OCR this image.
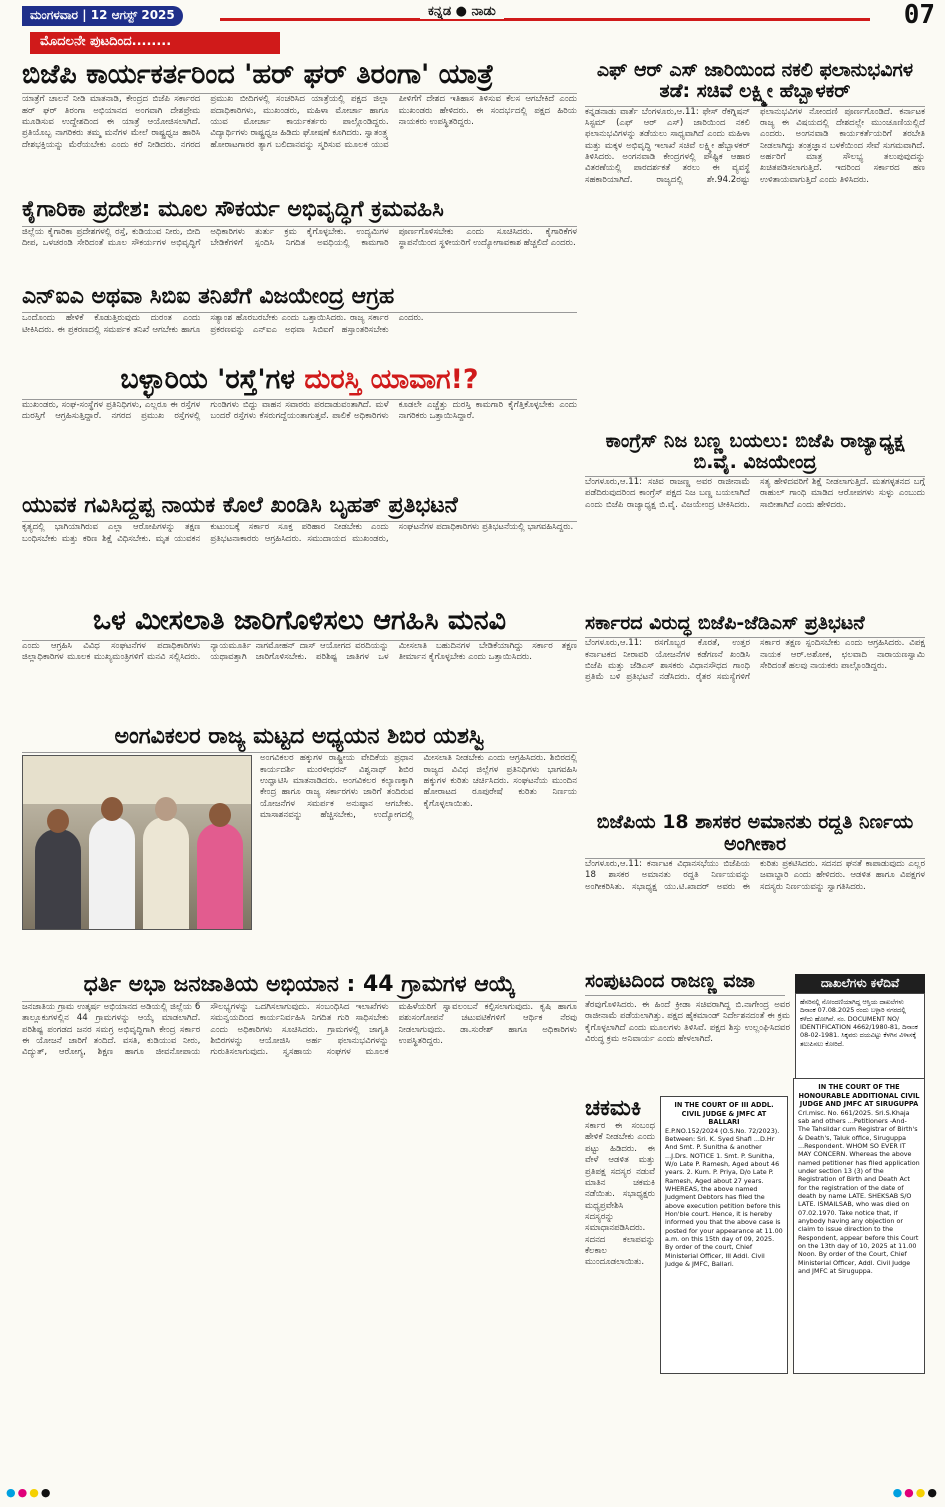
ಮಂಗಳವಾರ | 12 ಆಗಸ್ಟ್ 2025	ಕನ್ನಡ ● ನಾಡು	07
ಮೊದಲನೇ ಪುಟದಿಂದ........
ಬಿಜೆಪಿ ಕಾರ್ಯಕರ್ತರಿಂದ 'ಹರ್ ಘರ್ ತಿರಂಗಾ' ಯಾತ್ರೆ
ಯಾತ್ರೆಗೆ ಚಾಲನೆ ನೀಡಿ ಮಾತನಾಡಿ, ಕೇಂದ್ರದ ಬಿಜೆಪಿ ಸರ್ಕಾರದ ಹರ್ ಘರ್ ತಿರಂಗಾ ಅಭಿಯಾನದ ಅಂಗವಾಗಿ ದೇಶಪ್ರೇಮ ಮೂಡಿಸುವ ಉದ್ದೇಶದಿಂದ ಈ ಯಾತ್ರೆ ಆಯೋಜಿಸಲಾಗಿದೆ. ಪ್ರತಿಯೊಬ್ಬ ನಾಗರಿಕರು ತಮ್ಮ ಮನೆಗಳ ಮೇಲೆ ರಾಷ್ಟ್ರಧ್ವಜ ಹಾರಿಸಿ ದೇಶಭಕ್ತಿಯನ್ನು ಮೆರೆಯಬೇಕು ಎಂದು ಕರೆ ನೀಡಿದರು. ನಗರದ ಪ್ರಮುಖ ಬೀದಿಗಳಲ್ಲಿ ಸಂಚರಿಸಿದ ಯಾತ್ರೆಯಲ್ಲಿ ಪಕ್ಷದ ಜಿಲ್ಲಾ ಪದಾಧಿಕಾರಿಗಳು, ಮುಖಂಡರು, ಮಹಿಳಾ ಮೋರ್ಚಾ ಹಾಗೂ ಯುವ ಮೋರ್ಚಾ ಕಾರ್ಯಕರ್ತರು ಪಾಲ್ಗೊಂಡಿದ್ದರು. ವಿದ್ಯಾರ್ಥಿಗಳು ರಾಷ್ಟ್ರಧ್ವಜ ಹಿಡಿದು ಘೋಷಣೆ ಕೂಗಿದರು. ಸ್ವಾತಂತ್ರ್ಯ ಹೋರಾಟಗಾರರ ತ್ಯಾಗ ಬಲಿದಾನವನ್ನು ಸ್ಮರಿಸುವ ಮೂಲಕ ಯುವ ಪೀಳಿಗೆಗೆ ದೇಶದ ಇತಿಹಾಸ ತಿಳಿಸುವ ಕೆಲಸ ಆಗಬೇಕಿದೆ ಎಂದು ಮುಖಂಡರು ಹೇಳಿದರು. ಈ ಸಂದರ್ಭದಲ್ಲಿ ಪಕ್ಷದ ಹಿರಿಯ ನಾಯಕರು ಉಪಸ್ಥಿತರಿದ್ದರು.
ಕೈಗಾರಿಕಾ ಪ್ರದೇಶ: ಮೂಲ ಸೌಕರ್ಯ ಅಭಿವೃದ್ಧಿಗೆ ಕ್ರಮವಹಿಸಿ
ಜಿಲ್ಲೆಯ ಕೈಗಾರಿಕಾ ಪ್ರದೇಶಗಳಲ್ಲಿ ರಸ್ತೆ, ಕುಡಿಯುವ ನೀರು, ಬೀದಿ ದೀಪ, ಒಳಚರಂಡಿ ಸೇರಿದಂತೆ ಮೂಲ ಸೌಕರ್ಯಗಳ ಅಭಿವೃದ್ಧಿಗೆ ಅಧಿಕಾರಿಗಳು ತುರ್ತು ಕ್ರಮ ಕೈಗೊಳ್ಳಬೇಕು. ಉದ್ಯಮಿಗಳ ಬೇಡಿಕೆಗಳಿಗೆ ಸ್ಪಂದಿಸಿ ನಿಗದಿತ ಅವಧಿಯಲ್ಲಿ ಕಾಮಗಾರಿ ಪೂರ್ಣಗೊಳಿಸಬೇಕು ಎಂದು ಸೂಚಿಸಿದರು. ಕೈಗಾರಿಕೆಗಳ ಸ್ಥಾಪನೆಯಿಂದ ಸ್ಥಳೀಯರಿಗೆ ಉದ್ಯೋಗಾವಕಾಶ ಹೆಚ್ಚಲಿದೆ ಎಂದರು.
ಎನ್‌ಐಎ ಅಥವಾ ಸಿಬಿಐ ತನಿಖೆಗೆ ವಿಜಯೇಂದ್ರ ಆಗ್ರಹ
ಒಂದೊಂದು ಹೇಳಿಕೆ ಕೊಡುತ್ತಿರುವುದು ದುರಂತ ಎಂದು ಟೀಕಿಸಿದರು. ಈ ಪ್ರಕರಣದಲ್ಲಿ ಸಮರ್ಪಕ ತನಿಖೆ ಆಗಬೇಕು ಹಾಗೂ ಸತ್ಯಾಂಶ ಹೊರಬರಬೇಕು ಎಂದು ಒತ್ತಾಯಿಸಿದರು. ರಾಜ್ಯ ಸರ್ಕಾರ ಪ್ರಕರಣವನ್ನು ಎನ್‌ಐಎ ಅಥವಾ ಸಿಬಿಐಗೆ ಹಸ್ತಾಂತರಿಸಬೇಕು ಎಂದರು.
ಬಳ್ಳಾರಿಯ 'ರಸ್ತೆ'ಗಳ ದುರಸ್ತಿ ಯಾವಾಗ!?
ಮುಖಂಡರು, ಸಂಘ-ಸಂಸ್ಥೆಗಳ ಪ್ರತಿನಿಧಿಗಳು, ಎಲ್ಲರೂ ಈ ರಸ್ತೆಗಳ ದುರಸ್ತಿಗೆ ಆಗ್ರಹಿಸುತ್ತಿದ್ದಾರೆ. ನಗರದ ಪ್ರಮುಖ ರಸ್ತೆಗಳಲ್ಲಿ ಗುಂಡಿಗಳು ಬಿದ್ದು ವಾಹನ ಸವಾರರು ಪರದಾಡುವಂತಾಗಿದೆ. ಮಳೆ ಬಂದರೆ ರಸ್ತೆಗಳು ಕೆಸರುಗದ್ದೆಯಂತಾಗುತ್ತವೆ. ಪಾಲಿಕೆ ಅಧಿಕಾರಿಗಳು ಕೂಡಲೇ ಎಚ್ಚೆತ್ತು ದುರಸ್ತಿ ಕಾಮಗಾರಿ ಕೈಗೆತ್ತಿಕೊಳ್ಳಬೇಕು ಎಂದು ನಾಗರಿಕರು ಒತ್ತಾಯಿಸಿದ್ದಾರೆ.
ಯುವಕ ಗವಿಸಿದ್ದಪ್ಪ ನಾಯಕ ಕೊಲೆ ಖಂಡಿಸಿ ಬೃಹತ್ ಪ್ರತಿಭಟನೆ
ಕೃತ್ಯದಲ್ಲಿ ಭಾಗಿಯಾಗಿರುವ ಎಲ್ಲಾ ಆರೋಪಿಗಳನ್ನು ತಕ್ಷಣ ಬಂಧಿಸಬೇಕು ಮತ್ತು ಕಠಿಣ ಶಿಕ್ಷೆ ವಿಧಿಸಬೇಕು. ಮೃತ ಯುವಕನ ಕುಟುಂಬಕ್ಕೆ ಸರ್ಕಾರ ಸೂಕ್ತ ಪರಿಹಾರ ನೀಡಬೇಕು ಎಂದು ಪ್ರತಿಭಟನಾಕಾರರು ಆಗ್ರಹಿಸಿದರು. ಸಮುದಾಯದ ಮುಖಂಡರು, ಸಂಘಟನೆಗಳ ಪದಾಧಿಕಾರಿಗಳು ಪ್ರತಿಭಟನೆಯಲ್ಲಿ ಭಾಗವಹಿಸಿದ್ದರು.
ಒಳ ಮೀಸಲಾತಿ ಜಾರಿಗೊಳಿಸಲು ಆಗಹಿಸಿ ಮನವಿ
ಎಂದು ಆಗ್ರಹಿಸಿ ವಿವಿಧ ಸಂಘಟನೆಗಳ ಪದಾಧಿಕಾರಿಗಳು ಜಿಲ್ಲಾಧಿಕಾರಿಗಳ ಮೂಲಕ ಮುಖ್ಯಮಂತ್ರಿಗಳಿಗೆ ಮನವಿ ಸಲ್ಲಿಸಿದರು. ನ್ಯಾಯಮೂರ್ತಿ ನಾಗಮೋಹನ್ ದಾಸ್ ಆಯೋಗದ ವರದಿಯನ್ನು ಯಥಾವತ್ತಾಗಿ ಜಾರಿಗೊಳಿಸಬೇಕು. ಪರಿಶಿಷ್ಟ ಜಾತಿಗಳ ಒಳ ಮೀಸಲಾತಿ ಬಹುದಿನಗಳ ಬೇಡಿಕೆಯಾಗಿದ್ದು ಸರ್ಕಾರ ತಕ್ಷಣ ತೀರ್ಮಾನ ಕೈಗೊಳ್ಳಬೇಕು ಎಂದು ಒತ್ತಾಯಿಸಿದರು.
ಅಂಗವಿಕಲರ ರಾಜ್ಯ ಮಟ್ಟದ ಅಧ್ಯಯನ ಶಿಬಿರ ಯಶಸ್ವಿ
ಅಂಗವಿಕಲರ ಹಕ್ಕುಗಳ ರಾಷ್ಟ್ರೀಯ ವೇದಿಕೆಯ ಪ್ರಧಾನ ಕಾರ್ಯದರ್ಶಿ ಮುರಳೀಧರನ್ ವಿಶ್ವನಾಥ್ ಶಿಬಿರ ಉದ್ಘಾಟಿಸಿ ಮಾತನಾಡಿದರು. ಅಂಗವಿಕಲರ ಕಲ್ಯಾಣಕ್ಕಾಗಿ ಕೇಂದ್ರ ಹಾಗೂ ರಾಜ್ಯ ಸರ್ಕಾರಗಳು ಜಾರಿಗೆ ತಂದಿರುವ ಯೋಜನೆಗಳ ಸಮರ್ಪಕ ಅನುಷ್ಠಾನ ಆಗಬೇಕು. ಮಾಸಾಶನವನ್ನು ಹೆಚ್ಚಿಸಬೇಕು, ಉದ್ಯೋಗದಲ್ಲಿ ಮೀಸಲಾತಿ ನೀಡಬೇಕು ಎಂದು ಆಗ್ರಹಿಸಿದರು. ಶಿಬಿರದಲ್ಲಿ ರಾಜ್ಯದ ವಿವಿಧ ಜಿಲ್ಲೆಗಳ ಪ್ರತಿನಿಧಿಗಳು ಭಾಗವಹಿಸಿ ಹಕ್ಕುಗಳ ಕುರಿತು ಚರ್ಚಿಸಿದರು. ಸಂಘಟನೆಯ ಮುಂದಿನ ಹೋರಾಟದ ರೂಪುರೇಷೆ ಕುರಿತು ನಿರ್ಣಯ ಕೈಗೊಳ್ಳಲಾಯಿತು.
ಧರ್ತಿ ಅಭಾ ಜನಜಾತಿಯ ಅಭಿಯಾನ : 44 ಗ್ರಾಮಗಳ ಆಯ್ಕೆ
ಜನಜಾತಿಯ ಗ್ರಾಮ ಉತ್ಕರ್ಷ ಅಭಿಯಾನದ ಅಡಿಯಲ್ಲಿ ಜಿಲ್ಲೆಯ 6 ತಾಲ್ಲೂಕುಗಳಲ್ಲಿನ 44 ಗ್ರಾಮಗಳನ್ನು ಆಯ್ಕೆ ಮಾಡಲಾಗಿದೆ. ಪರಿಶಿಷ್ಟ ಪಂಗಡದ ಜನರ ಸಮಗ್ರ ಅಭಿವೃದ್ಧಿಗಾಗಿ ಕೇಂದ್ರ ಸರ್ಕಾರ ಈ ಯೋಜನೆ ಜಾರಿಗೆ ತಂದಿದೆ. ವಸತಿ, ಕುಡಿಯುವ ನೀರು, ವಿದ್ಯುತ್, ಆರೋಗ್ಯ, ಶಿಕ್ಷಣ ಹಾಗೂ ಜೀವನೋಪಾಯ ಸೌಲಭ್ಯಗಳನ್ನು ಒದಗಿಸಲಾಗುವುದು. ಸಂಬಂಧಿಸಿದ ಇಲಾಖೆಗಳು ಸಮನ್ವಯದಿಂದ ಕಾರ್ಯನಿರ್ವಹಿಸಿ ನಿಗದಿತ ಗುರಿ ಸಾಧಿಸಬೇಕು ಎಂದು ಅಧಿಕಾರಿಗಳು ಸೂಚಿಸಿದರು. ಗ್ರಾಮಗಳಲ್ಲಿ ಜಾಗೃತಿ ಶಿಬಿರಗಳನ್ನು ಆಯೋಜಿಸಿ ಅರ್ಹ ಫಲಾನುಭವಿಗಳನ್ನು ಗುರುತಿಸಲಾಗುವುದು. ಸ್ವಸಹಾಯ ಸಂಘಗಳ ಮೂಲಕ ಮಹಿಳೆಯರಿಗೆ ಸ್ವಾವಲಂಬನೆ ಕಲ್ಪಿಸಲಾಗುವುದು. ಕೃಷಿ ಹಾಗೂ ಪಶುಸಂಗೋಪನೆ ಚಟುವಟಿಕೆಗಳಿಗೆ ಆರ್ಥಿಕ ನೆರವು ನೀಡಲಾಗುವುದು. ಡಾ.ಸುರೇಶ್ ಹಾಗೂ ಅಧಿಕಾರಿಗಳು ಉಪಸ್ಥಿತರಿದ್ದರು.
ಎಫ್ ಆರ್ ಎಸ್ ಜಾರಿಯಿಂದ ನಕಲಿ ಫಲಾನುಭವಿಗಳ ತಡೆ: ಸಚಿವೆ ಲಕ್ಷ್ಮೀ ಹೆಬ್ಬಾಳಕರ್
ಕನ್ನಡನಾಡು ವಾರ್ತೆ ಬೆಂಗಳೂರು,ಆ.11: ಫೇಸ್ ರೆಕಗ್ನಿಷನ್ ಸಿಸ್ಟಮ್ (ಎಫ್ ಆರ್ ಎಸ್) ಜಾರಿಯಿಂದ ನಕಲಿ ಫಲಾನುಭವಿಗಳನ್ನು ತಡೆಯಲು ಸಾಧ್ಯವಾಗಿದೆ ಎಂದು ಮಹಿಳಾ ಮತ್ತು ಮಕ್ಕಳ ಅಭಿವೃದ್ಧಿ ಇಲಾಖೆ ಸಚಿವೆ ಲಕ್ಷ್ಮೀ ಹೆಬ್ಬಾಳಕರ್ ತಿಳಿಸಿದರು. ಅಂಗನವಾಡಿ ಕೇಂದ್ರಗಳಲ್ಲಿ ಪೌಷ್ಟಿಕ ಆಹಾರ ವಿತರಣೆಯಲ್ಲಿ ಪಾರದರ್ಶಕತೆ ತರಲು ಈ ವ್ಯವಸ್ಥೆ ಸಹಕಾರಿಯಾಗಿದೆ. ರಾಜ್ಯದಲ್ಲಿ ಶೇ.94.2ರಷ್ಟು ಫಲಾನುಭವಿಗಳ ನೋಂದಣಿ ಪೂರ್ಣಗೊಂಡಿದೆ. ಕರ್ನಾಟಕ ರಾಜ್ಯ ಈ ವಿಷಯದಲ್ಲಿ ದೇಶದಲ್ಲೇ ಮುಂಚೂಣಿಯಲ್ಲಿದೆ ಎಂದರು. ಅಂಗನವಾಡಿ ಕಾರ್ಯಕರ್ತೆಯರಿಗೆ ತರಬೇತಿ ನೀಡಲಾಗಿದ್ದು ತಂತ್ರಜ್ಞಾನ ಬಳಕೆಯಿಂದ ಸೇವೆ ಸುಗಮವಾಗಿದೆ. ಅರ್ಹರಿಗೆ ಮಾತ್ರ ಸೌಲಭ್ಯ ತಲುಪುವುದನ್ನು ಖಚಿತಪಡಿಸಲಾಗುತ್ತಿದೆ. ಇದರಿಂದ ಸರ್ಕಾರದ ಹಣ ಉಳಿತಾಯವಾಗುತ್ತಿದೆ ಎಂದು ತಿಳಿಸಿದರು.
ಕಾಂಗ್ರೆಸ್ ನಿಜ ಬಣ್ಣ ಬಯಲು: ಬಿಜೆಪಿ ರಾಜ್ಯಾಧ್ಯಕ್ಷ ಬಿ.ವೈ. ವಿಜಯೇಂದ್ರ
ಬೆಂಗಳೂರು,ಆ.11: ಸಚಿವ ರಾಜಣ್ಣ ಅವರ ರಾಜೀನಾಮೆ ಪಡೆದಿರುವುದರಿಂದ ಕಾಂಗ್ರೆಸ್ ಪಕ್ಷದ ನಿಜ ಬಣ್ಣ ಬಯಲಾಗಿದೆ ಎಂದು ಬಿಜೆಪಿ ರಾಜ್ಯಾಧ್ಯಕ್ಷ ಬಿ.ವೈ. ವಿಜಯೇಂದ್ರ ಟೀಕಿಸಿದರು. ಸತ್ಯ ಹೇಳಿದವರಿಗೆ ಶಿಕ್ಷೆ ನೀಡಲಾಗುತ್ತಿದೆ. ಮತಗಳ್ಳತನದ ಬಗ್ಗೆ ರಾಹುಲ್ ಗಾಂಧಿ ಮಾಡಿದ ಆರೋಪಗಳು ಸುಳ್ಳು ಎಂಬುದು ಸಾಬೀತಾಗಿದೆ ಎಂದು ಹೇಳಿದರು.
ಸರ್ಕಾರದ ವಿರುದ್ಧ ಬಿಜೆಪಿ-ಜೆಡಿಎಸ್ ಪ್ರತಿಭಟನೆ
ಬೆಂಗಳೂರು,ಆ.11: ರಸಗೊಬ್ಬರ ಕೊರತೆ, ಉತ್ತರ ಕರ್ನಾಟಕದ ನೀರಾವರಿ ಯೋಜನೆಗಳ ಕಡೆಗಣನೆ ಖಂಡಿಸಿ ಬಿಜೆಪಿ ಮತ್ತು ಜೆಡಿಎಸ್ ಶಾಸಕರು ವಿಧಾನಸೌಧದ ಗಾಂಧಿ ಪ್ರತಿಮೆ ಬಳಿ ಪ್ರತಿಭಟನೆ ನಡೆಸಿದರು. ರೈತರ ಸಮಸ್ಯೆಗಳಿಗೆ ಸರ್ಕಾರ ತಕ್ಷಣ ಸ್ಪಂದಿಸಬೇಕು ಎಂದು ಆಗ್ರಹಿಸಿದರು. ವಿಪಕ್ಷ ನಾಯಕ ಆರ್.ಅಶೋಕ, ಛಲವಾದಿ ನಾರಾಯಣಸ್ವಾಮಿ ಸೇರಿದಂತೆ ಹಲವು ನಾಯಕರು ಪಾಲ್ಗೊಂಡಿದ್ದರು.
ಬಿಜೆಪಿಯ 18 ಶಾಸಕರ ಅಮಾನತು ರದ್ದತಿ ನಿರ್ಣಯ ಅಂಗೀಕಾರ
ಬೆಂಗಳೂರು,ಆ.11: ಕರ್ನಾಟಕ ವಿಧಾನಸಭೆಯು ಬಿಜೆಪಿಯ 18 ಶಾಸಕರ ಅಮಾನತು ರದ್ದತಿ ನಿರ್ಣಯವನ್ನು ಅಂಗೀಕರಿಸಿತು. ಸಭಾಧ್ಯಕ್ಷ ಯು.ಟಿ.ಖಾದರ್ ಅವರು ಈ ಕುರಿತು ಪ್ರಕಟಿಸಿದರು. ಸದನದ ಘನತೆ ಕಾಪಾಡುವುದು ಎಲ್ಲರ ಜವಾಬ್ದಾರಿ ಎಂದು ಹೇಳಿದರು. ಆಡಳಿತ ಹಾಗೂ ವಿಪಕ್ಷಗಳ ಸದಸ್ಯರು ನಿರ್ಣಯವನ್ನು ಸ್ವಾಗತಿಸಿದರು.
ಸಂಪುಟದಿಂದ ರಾಜಣ್ಣ ವಜಾ
ತೆರವುಗೊಳಿಸಿದರು. ಈ ಹಿಂದೆ ಕ್ರೀಡಾ ಸಚಿವರಾಗಿದ್ದ ಬಿ.ನಾಗೇಂದ್ರ ಅವರ ರಾಜೀನಾಮೆ ಪಡೆಯಲಾಗಿತ್ತು. ಪಕ್ಷದ ಹೈಕಮಾಂಡ್ ನಿರ್ದೇಶನದಂತೆ ಈ ಕ್ರಮ ಕೈಗೊಳ್ಳಲಾಗಿದೆ ಎಂದು ಮೂಲಗಳು ತಿಳಿಸಿವೆ. ಪಕ್ಷದ ಶಿಸ್ತು ಉಲ್ಲಂಘಿಸಿದವರ ವಿರುದ್ಧ ಕ್ರಮ ಅನಿವಾರ್ಯ ಎಂದು ಹೇಳಲಾಗಿದೆ.
ದಾಖಲೆಗಳು ಕಳೆದಿವೆ
ಹೆಸರಿನಲ್ಲಿ ನೋಂದಣಿಯಾಗಿದ್ದ ಆಸ್ತಿಯ ದಾಖಲೆಗಳು ದಿನಾಂಕ 07.08.2025 ರಂದು ಬಳ್ಳಾರಿ ನಗರದಲ್ಲಿ ಕಳೆದು ಹೋಗಿವೆ. ನಂ. DOCUMENT NO/ IDENTIFICATION 4662/1980-81, ದಿನಾಂಕ 08-02-1981. ಸಿಕ್ಕವರು ದಯವಿಟ್ಟು ಕೆಳಗಿನ ವಿಳಾಸಕ್ಕೆ ತಲುಪಿಸಲು ಕೋರಿದೆ.
ಚಕಮಕಿ
ಸರ್ಕಾರ ಈ ಸಂಬಂಧ ಹೇಳಿಕೆ ನೀಡಬೇಕು ಎಂದು ಪಟ್ಟು ಹಿಡಿದರು. ಈ ವೇಳೆ ಆಡಳಿತ ಮತ್ತು ಪ್ರತಿಪಕ್ಷ ಸದಸ್ಯರ ನಡುವೆ ಮಾತಿನ ಚಕಮಕಿ ನಡೆಯಿತು. ಸಭಾಧ್ಯಕ್ಷರು ಮಧ್ಯಪ್ರವೇಶಿಸಿ ಸದಸ್ಯರನ್ನು ಸಮಾಧಾನಪಡಿಸಿದರು. ಸದನದ ಕಲಾಪವನ್ನು ಕೆಲಕಾಲ ಮುಂದೂಡಲಾಯಿತು.
IN THE COURT OF III ADDL. CIVIL JUDGE & JMFC AT BALLARI
E.P.NO.152/2024 (O.S.No. 72/2023). Between: Sri. K. Syed Shafi ...D.Hr And Smt. P. Sunitha & another ...J.Drs. NOTICE 1. Smt. P. Sunitha, W/o Late P. Ramesh, Aged about 46 years. 2. Kum. P. Priya, D/o Late P. Ramesh, Aged about 27 years. WHEREAS, the above named Judgment Debtors has filed the above execution petition before this Hon'ble court. Hence, it is hereby informed you that the above case is posted for your appearance at 11.00 a.m. on this 15th day of 09, 2025. By order of the court, Chief Ministerial Officer, III Addl. Civil Judge & JMFC, Ballari.
IN THE COURT OF THE HONOURABLE ADDITIONAL CIVIL JUDGE AND JMFC AT SIRUGUPPA
Crl.misc. No. 661/2025. Sri.S.Khaja sab and others ...Petitioners -And- The Tahsildar cum Registrar of Birth's & Death's, Taluk office, Siruguppa ...Respondent. WHOM SO EVER IT MAY CONCERN. Whereas the above named petitioner has filed application under section 13 (3) of the Registration of Birth and Death Act for the registration of the date of death by name LATE. SHEKSAB S/O LATE. ISMAILSAB, who was died on 07.02.1970. Take notice that, if anybody having any objection or claim to issue direction to the Respondent, appear before this Court on the 13th day of 10, 2025 at 11.00 Noon. By order of the Court, Chief Ministerial Officer, Addl. Civil Judge and JMFC at Siruguppa.
●●●●	●●●●
